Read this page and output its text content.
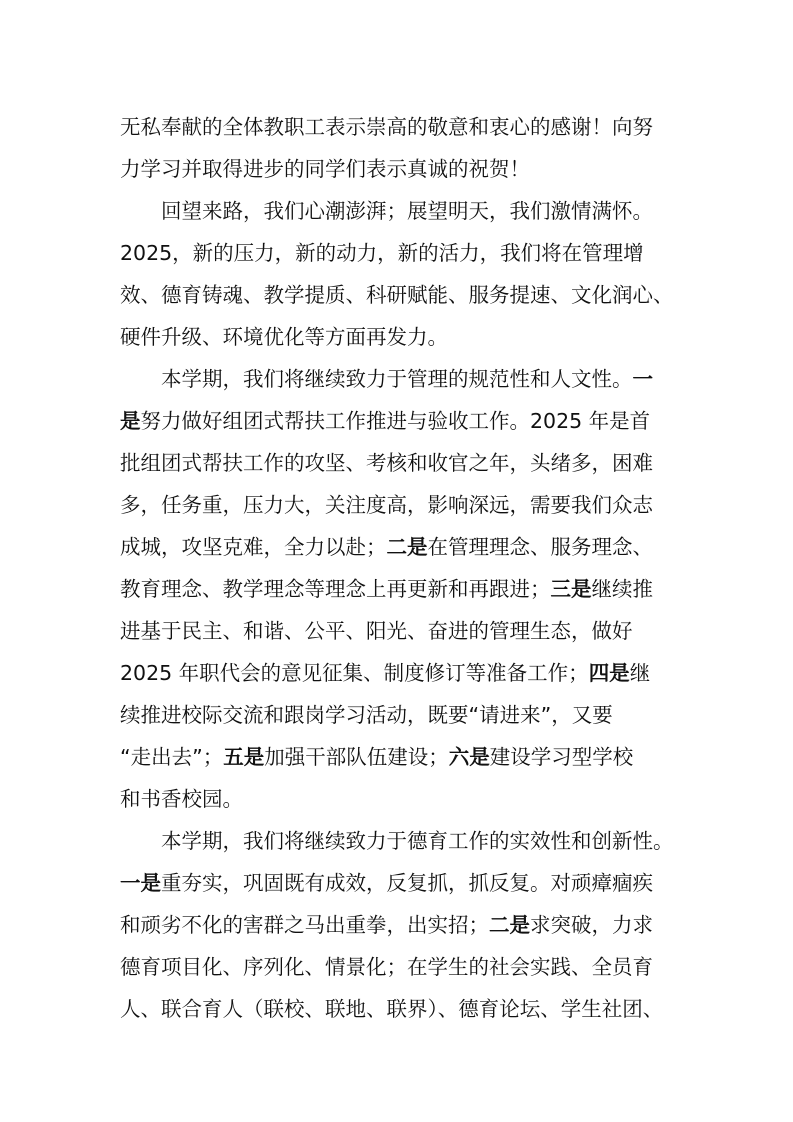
无私奉献的全体教职工表示崇高的敬意和衷心的感谢！向努
力学习并取得进步的同学们表示真诚的祝贺！
回望来路，我们心潮澎湃；展望明天，我们激情满怀。
2025，新的压力，新的动力，新的活力，我们将在管理增
效、德育铸魂、教学提质、科研赋能、服务提速、文化润心、
硬件升级、环境优化等方面再发力。
本学期，我们将继续致力于管理的规范性和人文性。一
是努力做好组团式帮扶工作推进与验收工作。2025 年是首
批组团式帮扶工作的攻坚、考核和收官之年，头绪多，困难
多，任务重，压力大，关注度高，影响深远，需要我们众志
成城，攻坚克难，全力以赴；二是在管理理念、服务理念、
教育理念、教学理念等理念上再更新和再跟进；三是继续推
进基于民主、和谐、公平、阳光、奋进的管理生态，做好
2025 年职代会的意见征集、制度修订等准备工作；四是继
续推进校际交流和跟岗学习活动，既要“请进来”，又要
“走出去”；五是加强干部队伍建设；六是建设学习型学校
和书香校园。
本学期，我们将继续致力于德育工作的实效性和创新性。
一是重夯实，巩固既有成效，反复抓，抓反复。对顽瘴痼疾
和顽劣不化的害群之马出重拳，出实招；二是求突破，力求
德育项目化、序列化、情景化；在学生的社会实践、全员育
人、联合育人（联校、联地、联界）、德育论坛、学生社团、
